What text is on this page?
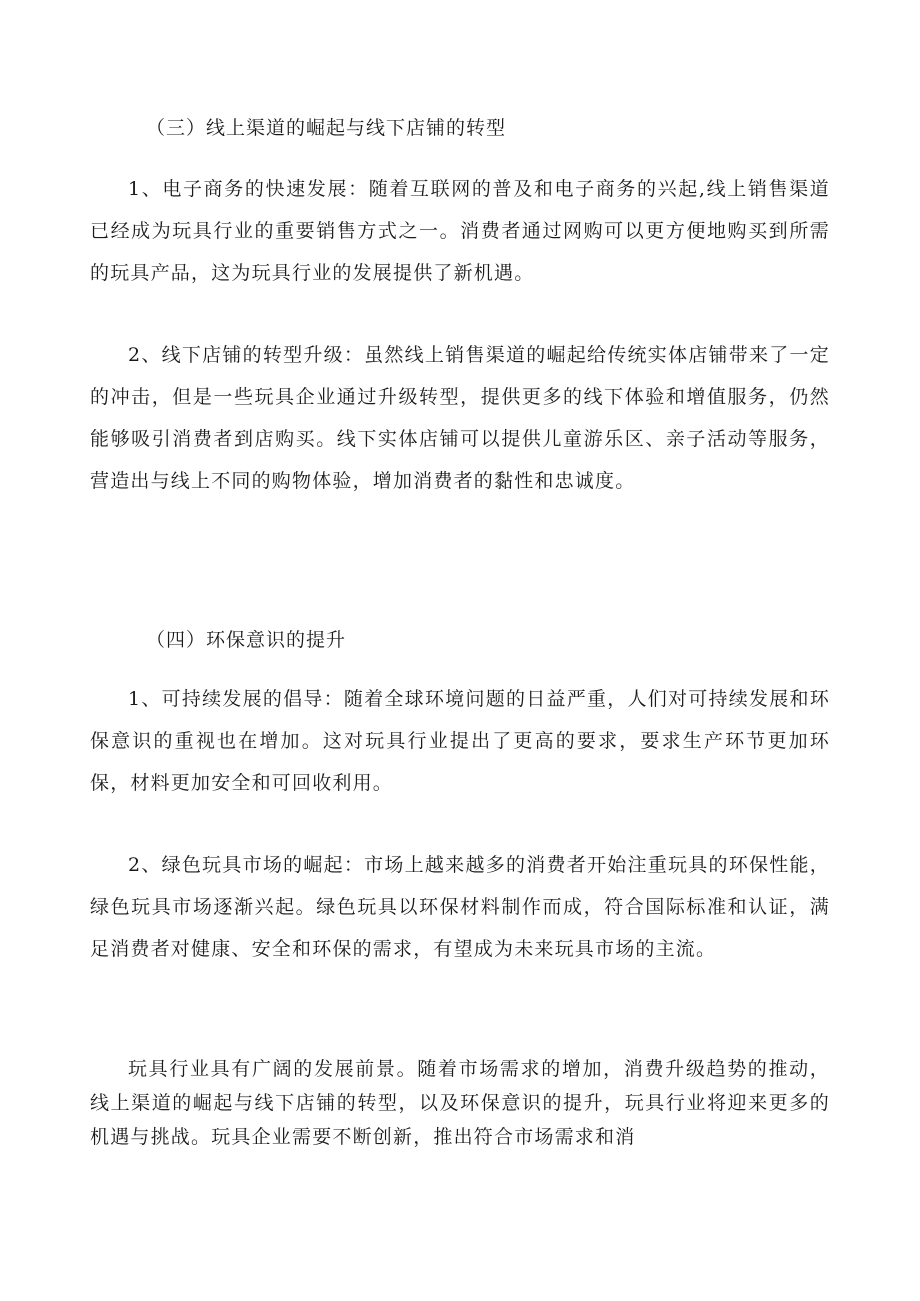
（三）线上渠道的崛起与线下店铺的转型

1、电子商务的快速发展：随着互联网的普及和电子商务的兴起,线上销售渠道已经成为玩具行业的重要销售方式之一。消费者通过网购可以更方便地购买到所需的玩具产品，这为玩具行业的发展提供了新机遇。

2、线下店铺的转型升级：虽然线上销售渠道的崛起给传统实体店铺带来了一定的冲击，但是一些玩具企业通过升级转型，提供更多的线下体验和增值服务，仍然能够吸引消费者到店购买。线下实体店铺可以提供儿童游乐区、亲子活动等服务，营造出与线上不同的购物体验，增加消费者的黏性和忠诚度。

（四）环保意识的提升

1、可持续发展的倡导：随着全球环境问题的日益严重，人们对可持续发展和环保意识的重视也在增加。这对玩具行业提出了更高的要求，要求生产环节更加环保，材料更加安全和可回收利用。

2、绿色玩具市场的崛起：市场上越来越多的消费者开始注重玩具的环保性能，绿色玩具市场逐渐兴起。绿色玩具以环保材料制作而成，符合国际标准和认证，满足消费者对健康、安全和环保的需求，有望成为未来玩具市场的主流。

玩具行业具有广阔的发展前景。随着市场需求的增加，消费升级趋势的推动，线上渠道的崛起与线下店铺的转型，以及环保意识的提升，玩具行业将迎来更多的机遇与挑战。玩具企业需要不断创新，推出符合市场需求和消
